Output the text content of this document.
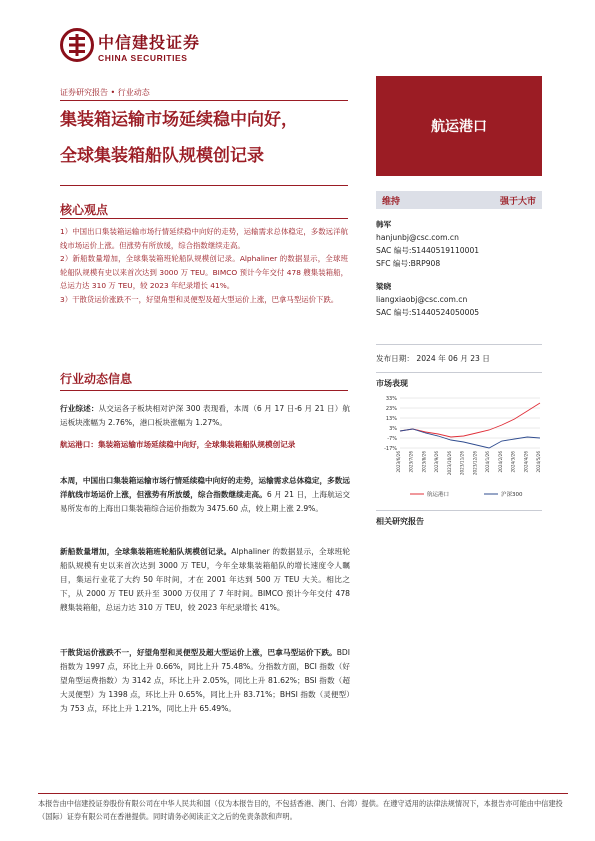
中信建投证券
CHINA SECURITIES
证券研究报告 • 行业动态
集装箱运输市场延续稳中向好，
全球集装箱船队规模创记录
航运港口
核心观点

1）中国出口集装箱运输市场行情延续稳中向好的走势，运输需求总体稳定，多数远洋航线市场运价上涨。但涨势有所放缓，综合指数继续走高。

2）新船数量增加，全球集装箱班轮船队规模创记录。Alphaliner 的数据显示，全球班轮船队规模有史以来首次达到 3000 万 TEU。BIMCO 预计今年交付 478 艘集装箱船，总运力达 310 万 TEU，较 2023 年纪录增长 41%。

3）干散货运价涨跌不一，好望角型和灵便型及超大型运价上涨，巴拿马型运价下跌。

行业动态信息
行业综述：从交运各子板块相对沪深 300 表现看，本周（6 月 17 日-6 月 21 日）航运板块涨幅为 2.76%，港口板块涨幅为 1.27%。
航运港口：集装箱运输市场延续稳中向好，全球集装箱船队规模创记录
本周，中国出口集装箱运输市场行情延续稳中向好的走势，运输需求总体稳定，多数远洋航线市场运价上涨，但涨势有所放缓，综合指数继续走高。6 月 21 日，上海航运交易所发布的上海出口集装箱综合运价指数为 3475.60 点，较上期上涨 2.9%。
新船数量增加，全球集装箱班轮船队规模创记录。Alphaliner 的数据显示，全球班轮船队规模有史以来首次达到 3000 万 TEU，今年全球集装箱船队的增长速度令人瞩目，集运行业花了大约 50 年时间，才在 2001 年达到 500 万 TEU 大关。相比之下，从 2000 万 TEU 跃升至 3000 万仅用了 7 年时间。BIMCO 预计今年交付 478 艘集装箱船，总运力达 310 万 TEU，较 2023 年纪录增长 41%。
干散货运价涨跌不一，好望角型和灵便型及超大型运价上涨，巴拿马型运价下跌。BDI 指数为 1997 点，环比上升 0.66%，同比上升 75.48%。分指数方面，BCI 指数（好望角型运费指数）为 3142 点，环比上升 2.05%，同比上升 81.62%；BSI 指数（超大灵便型）为 1398 点，环比上升 0.65%，同比上升 83.71%；BHSI 指数（灵便型）为 753 点，环比上升 1.21%，同比上升 65.49%。
维持	强于大市
韩军
hanjunbj@csc.com.cn
SAC 编号:S1440519110001
SFC 编号:BRP908
梁晓
liangxiaobj@csc.com.cn
SAC 编号:S1440524050005
发布日期： 2024 年 06 月 23 日
市场表现
33%
23%
13%
3%
-7%
-17%
2023/6/26 2023/7/26 2023/8/26 2023/9/26 2023/10/26 2023/11/26 2023/12/26 2024/1/26 2024/2/26 2024/3/26 2024/4/26 2024/5/26
航运港口	沪深300
相关研究报告
本报告由中信建投证券股份有限公司在中华人民共和国（仅为本报告目的，不包括香港、澳门、台湾）提供。在遵守适用的法律法规情况下，本报告亦可能由中信建投（国际）证券有限公司在香港提供。同时请务必阅读正文之后的免责条款和声明。
